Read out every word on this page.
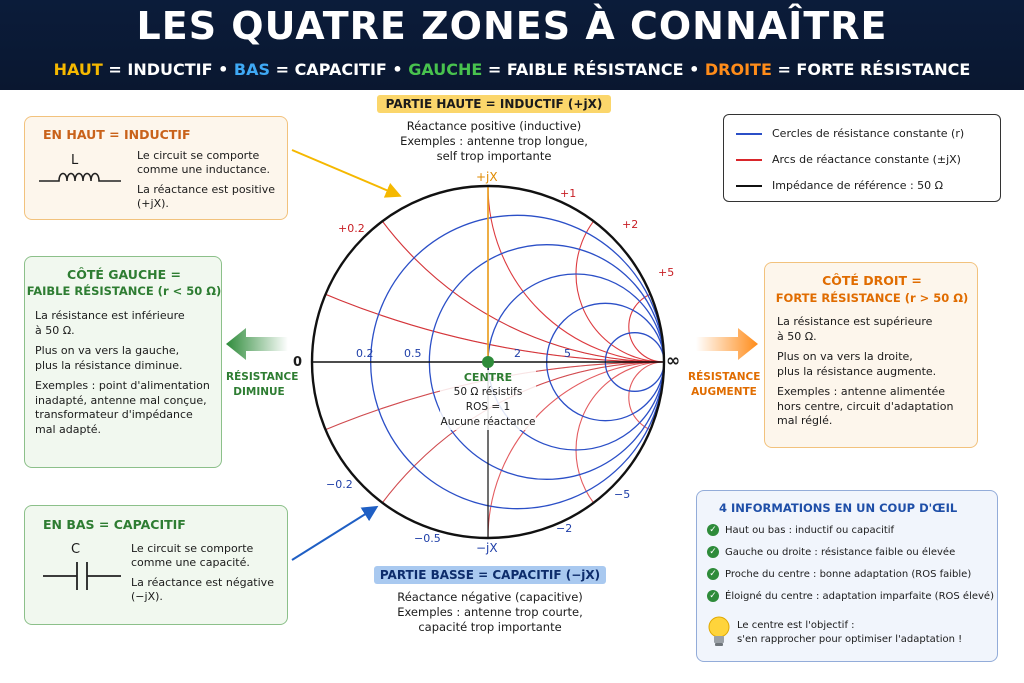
LES QUATRE ZONES À CONNAÎTRE
HAUT = INDUCTIF • BAS = CAPACITIF • GAUCHE = FAIBLE RÉSISTANCE • DROITE = FORTE RÉSISTANCE
PARTIE HAUTE = INDUCTIF (+jX)
Réactance positive (inductive)
Exemples : antenne trop longue,
self trop importante
EN HAUT = INDUCTIF
L	Le circuit se comporte
comme une inductance.
La réactance est positive
(+jX).
CÔTÉ GAUCHE =
FAIBLE RÉSISTANCE (r < 50 Ω)
La résistance est inférieure
à 50 Ω.
Plus on va vers la gauche,
plus la résistance diminue.
Exemples : point d'alimentation
inadapté, antenne mal conçue,
transformateur d'impédance
mal adapté.
RÉSISTANCE
DIMINUE
EN BAS = CAPACITIF
C	Le circuit se comporte
comme une capacité.
La réactance est négative
(−jX).
Cercles de résistance constante (r)
Arcs de réactance constante (±jX)
Impédance de référence : 50 Ω
CÔTÉ DROIT =
FORTE RÉSISTANCE (r > 50 Ω)
La résistance est supérieure
à 50 Ω.
Plus on va vers la droite,
plus la résistance augmente.
Exemples : antenne alimentée
hors centre, circuit d'adaptation
mal réglé.
RÉSISTANCE
AUGMENTE
4 INFORMATIONS EN UN COUP D'ŒIL
✓ Haut ou bas : inductif ou capacitif
✓ Gauche ou droite : résistance faible ou élevée
✓ Proche du centre : bonne adaptation (ROS faible)
✓ Éloigné du centre : adaptation imparfaite (ROS élevé)
Le centre est l'objectif :
s'en rapprocher pour optimiser l'adaptation !
PARTIE BASSE = CAPACITIF (−jX)
Réactance négative (capacitive)
Exemples : antenne trop courte,
capacité trop importante
0
0.2	0.5	2	5	∞
+jX
−jX
+0.2
+1
+2
+5
−0.2
−0.5
−2
−5
CENTRE
50 Ω résistifs
ROS = 1
Aucune réactance
